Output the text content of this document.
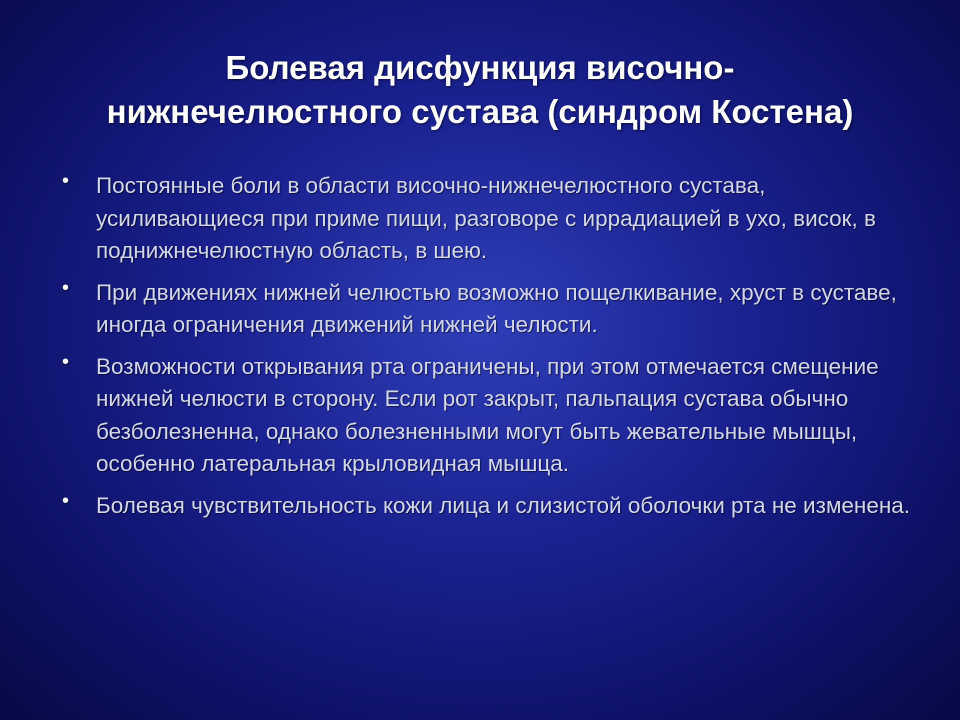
Болевая дисфункция височно-
нижнечелюстного сустава (синдром Костена)
• Постоянные боли в области височно-нижнечелюстного сустава, усиливающиеся при приме пищи, разговоре с иррадиацией в ухо, висок, в поднижнечелюстную область, в шею.
• При движениях нижней челюстью возможно пощелкивание, хруст в суставе, иногда ограничения движений нижней челюсти.
• Возможности открывания рта ограничены, при этом отмечается смещение нижней челюсти в сторону. Если рот закрыт, пальпация сустава обычно безболезненна, однако болезненными могут быть жевательные мышцы, особенно латеральная крыловидная мышца.
• Болевая чувствительность кожи лица и слизистой оболочки рта не изменена.
